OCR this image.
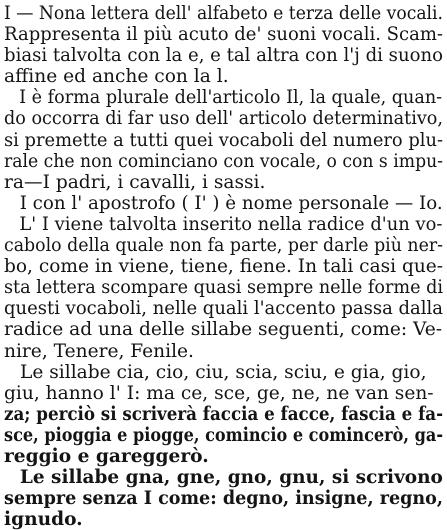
I — Nona lettera dell' alfabeto e terza delle vocali.
Rappresenta il più acuto de' suoni vocali. Scam-
biasi talvolta con la e, e tal altra con l'j di suono
affine ed anche con la l.
I è forma plurale dell'articolo Il, la quale, quan-
do occorra di far uso dell' articolo determinativo,
si premette a tutti quei vocaboli del numero plu-
rale che non cominciano con vocale, o con s impu-
ra—I padri, i cavalli, i sassi.
I con l' apostrofo ( I' ) è nome personale — Io.
L' I viene talvolta inserito nella radice d'un vo-
cabolo della quale non fa parte, per darle più ner-
bo, come in viene, tiene, fiene. In tali casi que-
sta lettera scompare quasi sempre nelle forme di
questi vocaboli, nelle quali l'accento passa dalla
radice ad una delle sillabe seguenti, come: Ve-
nire, Tenere, Fenile.
Le sillabe cia, cio, ciu, scia, sciu, e gia, gio,
giu, hanno l' I: ma ce, sce, ge, ne, ne van sen-
za; perciò si scriverà faccia e facce, fascia e fa-
sce, pioggia e piogge, comincio e comincerò, ga-
reggio e gareggerò.
Le sillabe gna, gne, gno, gnu, si scrivono
sempre senza I come: degno, insigne, regno,
ignudo.
